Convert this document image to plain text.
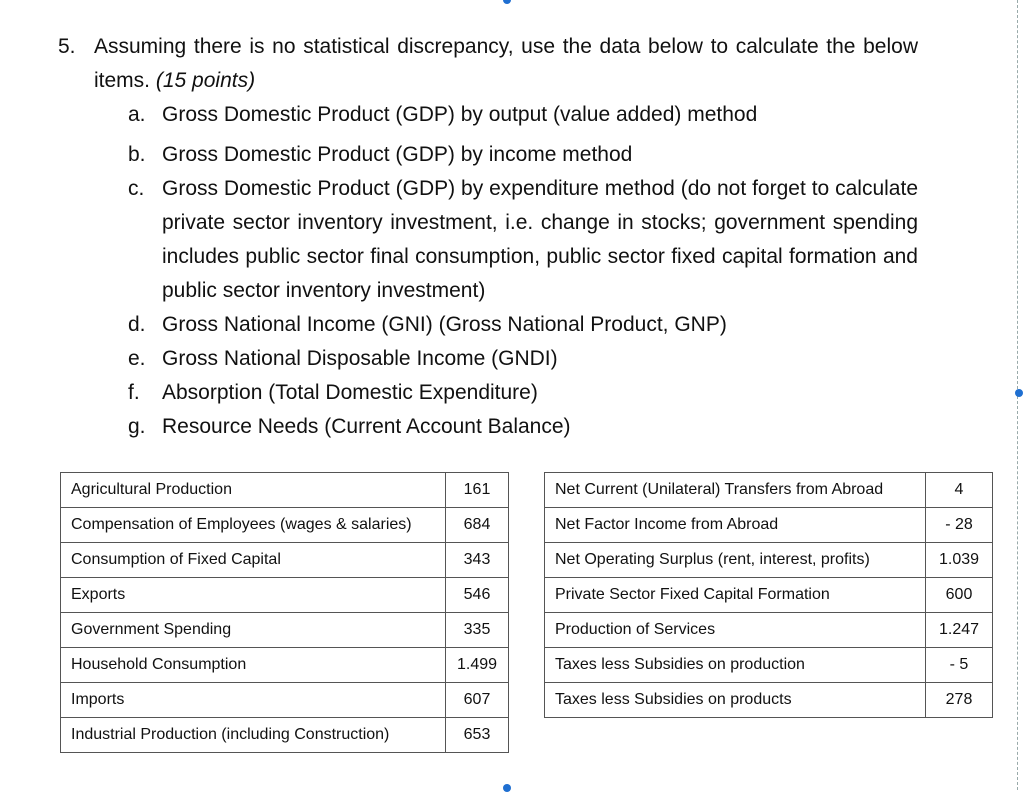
5. Assuming there is no statistical discrepancy, use the data below to calculate the below items. (15 points)
a. Gross Domestic Product (GDP) by output (value added) method
b. Gross Domestic Product (GDP) by income method
c. Gross Domestic Product (GDP) by expenditure method (do not forget to calculate private sector inventory investment, i.e. change in stocks; government spending includes public sector final consumption, public sector fixed capital formation and public sector inventory investment)
d. Gross National Income (GNI) (Gross National Product, GNP)
e. Gross National Disposable Income (GNDI)
f.	Absorption (Total Domestic Expenditure)
g. Resource Needs (Current Account Balance)
Agricultural Production	161
Compensation of Employees (wages & salaries)	684
Consumption of Fixed Capital	343
Exports	546
Government Spending	335
Household Consumption	1.499
Imports	607
Industrial Production (including Construction)	653
Net Current (Unilateral) Transfers from Abroad	4
Net Factor Income from Abroad	- 28
Net Operating Surplus (rent, interest, profits)	1.039
Private Sector Fixed Capital Formation	600
Production of Services	1.247
Taxes less Subsidies on production	- 5
Taxes less Subsidies on products	278
